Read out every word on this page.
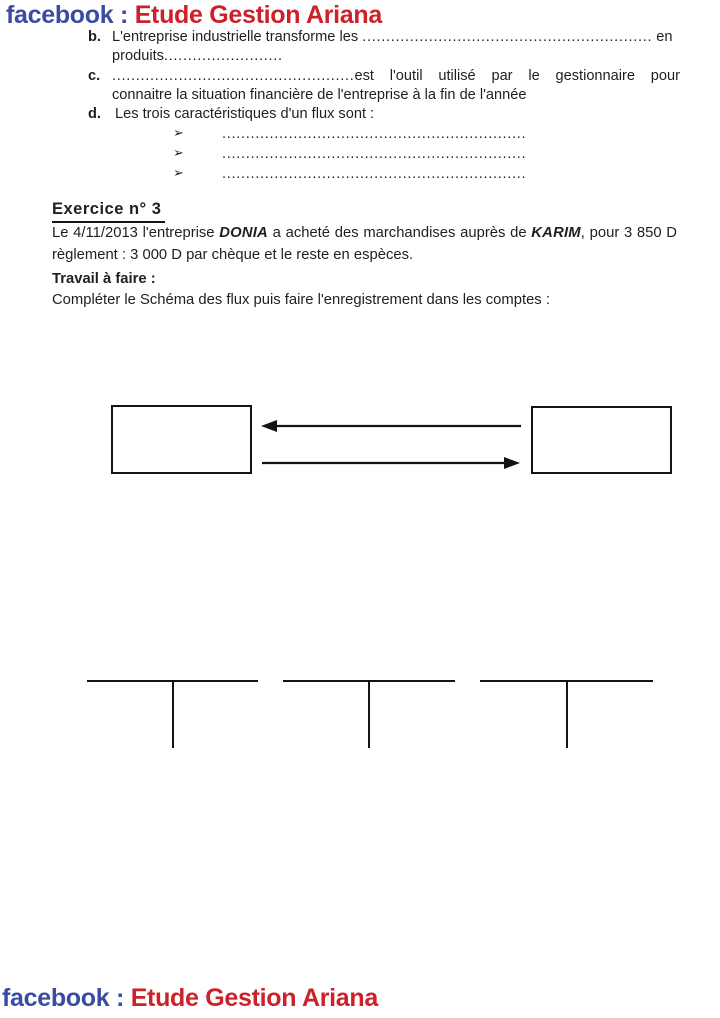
facebook : Etude Gestion Ariana
b. L'entreprise industrielle transforme les ............................................................. en
produits.........................
c. ...................................................est l'outil utilisé par le gestionnaire pour
connaitre la situation financière de l'entreprise à la fin de l'année
d. Les trois caractéristiques d'un flux sont :
➢	................................................................
➢	................................................................
➢	................................................................
Exercice n° 3
Le 4/11/2013 l'entreprise DONIA a acheté des marchandises auprès de KARIM, pour 3 850 D
règlement : 3 000 D par chèque et le reste en espèces.
Travail à faire :
Compléter le Schéma des flux puis faire l'enregistrement dans les comptes :
facebook : Etude Gestion Ariana
